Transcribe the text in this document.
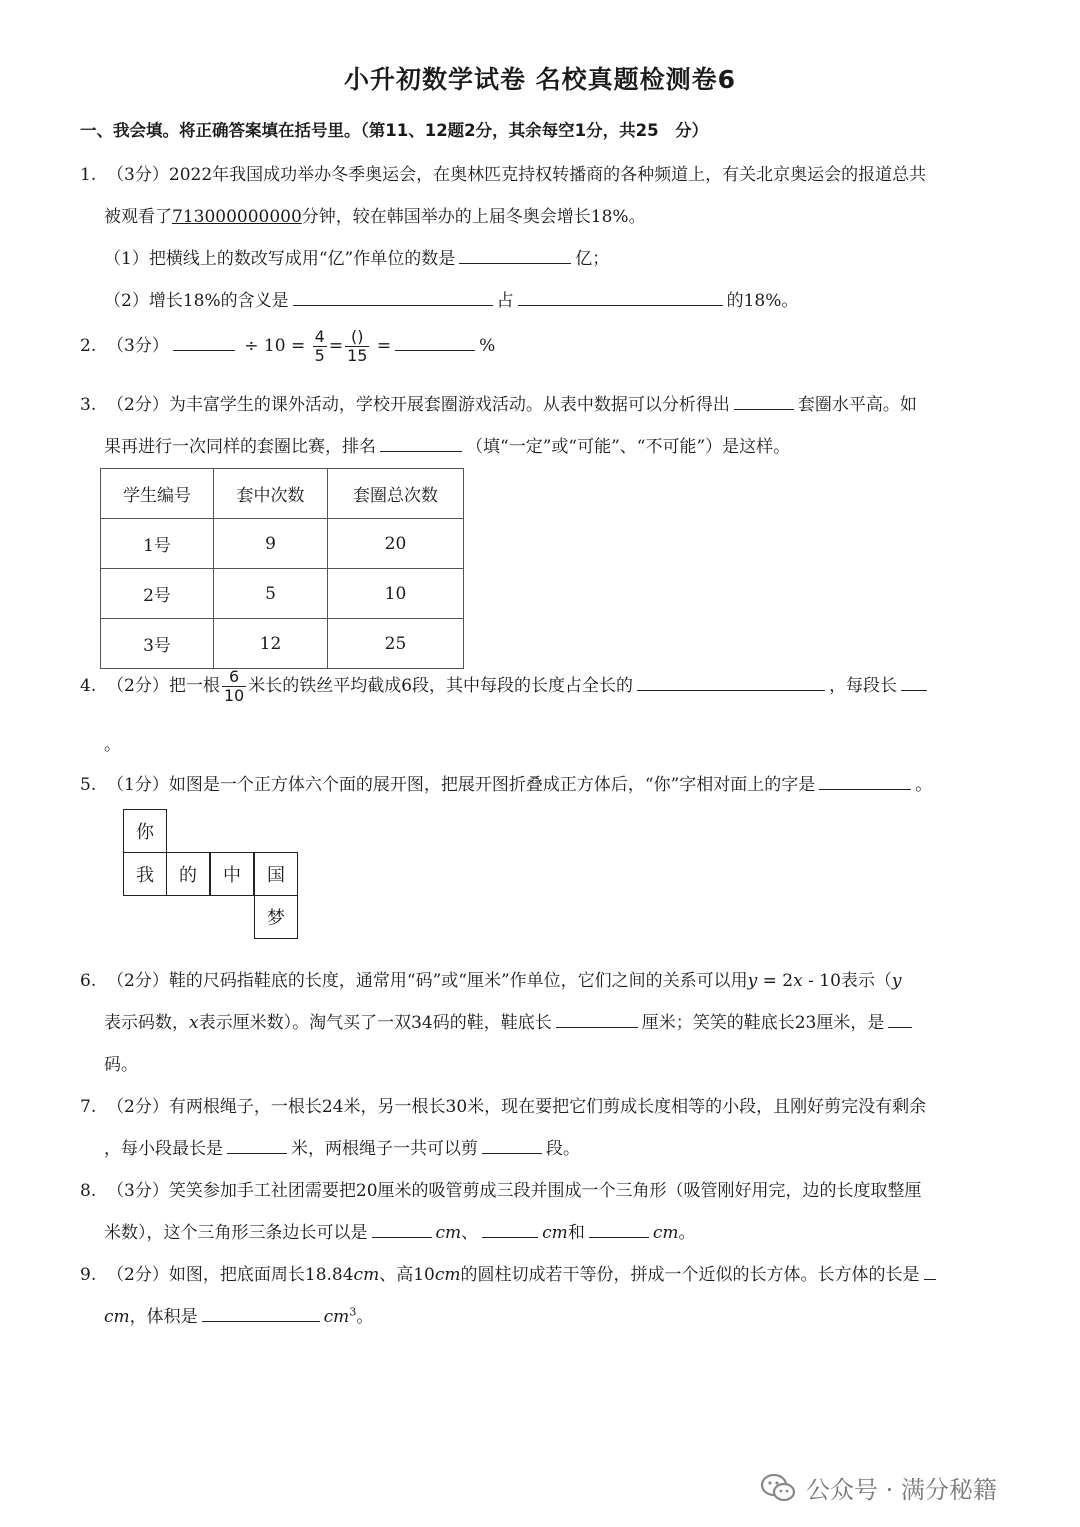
小升初数学试卷 名校真题检测卷6
一、我会填。将正确答案填在括号里。（第11、12题2分，其余每空1分，共25　分）
1. （3分）2022年我国成功举办冬季奥运会，在奥林匹克持权转播商的各种频道上，有关北京奥运会的报道总共
被观看了713000000000分钟，较在韩国举办的上届冬奥会增长18%。
（1）把横线上的数改写成用“亿”作单位的数是	亿；
（2）增长18%的含义是	占	的18%。
2. （3分）	÷ $10 = \frac{4}{5} = \frac{()}{15}$ =	%
3. （2分）为丰富学生的课外活动，学校开展套圈游戏活动。从表中数据可以分析得出	套圈水平高。如
果再进行一次同样的套圈比赛，排名	（填“一定”或“可能”、“不可能”）是这样。
学生编号	套中次数	套圈总次数
1号	9	20
2号	5	10
3号	12	25
4. （2分）把一根 $\frac{6}{10}$ 米长的铁丝平均截成6段，其中每段的长度占全长的	，每段长
。
5. （1分）如图是一个正方体六个面的展开图，把展开图折叠成正方体后，“你”字相对面上的字是	。
你
我	的	中	国
梦
6. （2分）鞋的尺码指鞋底的长度，通常用“码”或“厘米”作单位，它们之间的关系可以用y = 2x - 10表示（y
表示码数，x表示厘米数）。淘气买了一双34码的鞋，鞋底长	厘米；笑笑的鞋底长23厘米，是
码。
7. （2分）有两根绳子，一根长24米，另一根长30米，现在要把它们剪成长度相等的小段，且刚好剪完没有剩余
，每小段最长是	米，两根绳子一共可以剪	段。
8. （3分）笑笑参加手工社团需要把20厘米的吸管剪成三段并围成一个三角形（吸管刚好用完，边的长度取整厘
米数），这个三角形三条边长可以是	cm、	cm和	cm。
9. （2分）如图，把底面周长18.84cm、高10cm的圆柱切成若干等份，拼成一个近似的长方体。长方体的长是
cm，体积是	$cm^3$。
公众号 · 满分秘籍
